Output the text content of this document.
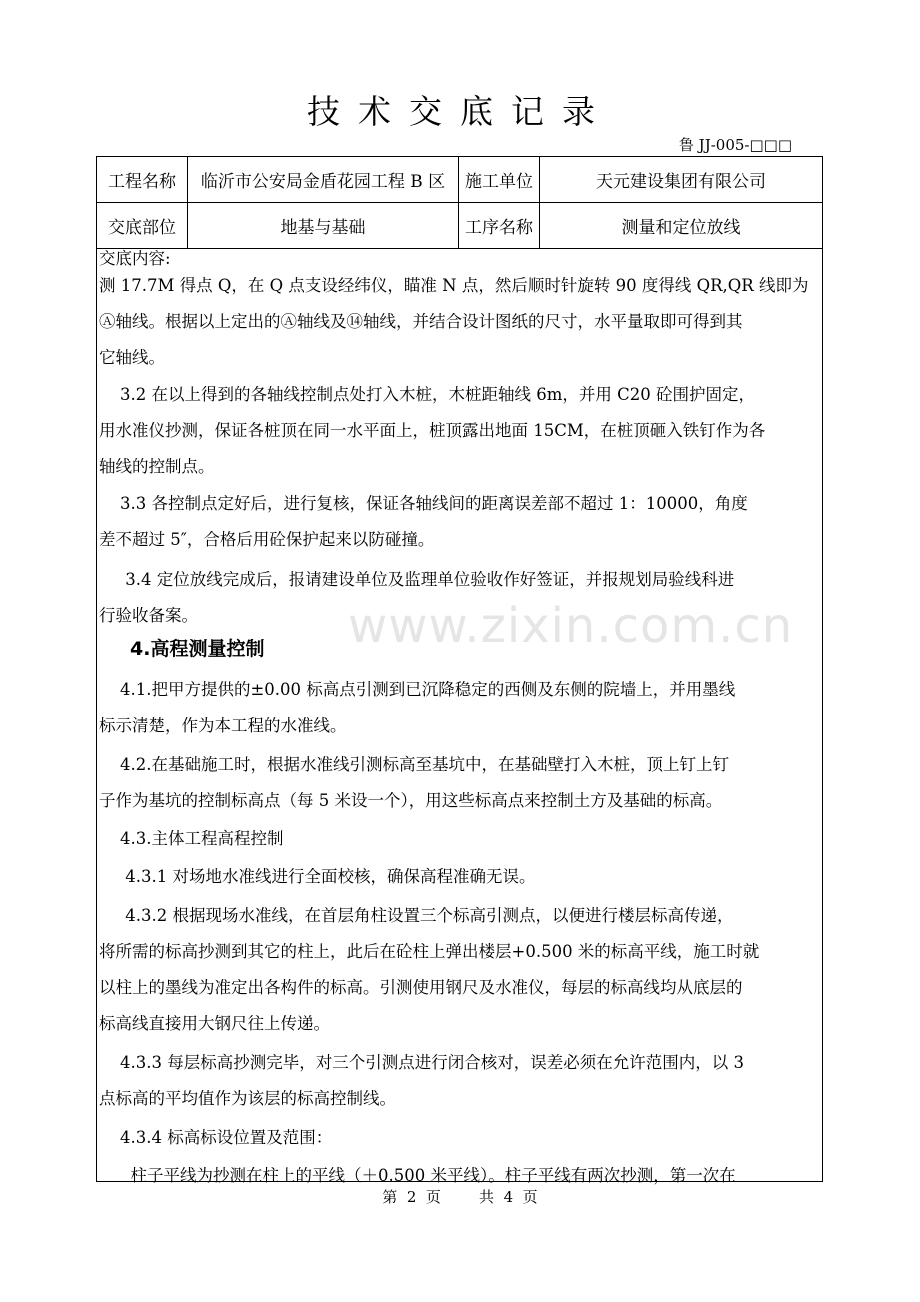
技术交底记录
鲁 JJ-005-□□□
工程名称	临沂市公安局金盾花园工程 B 区	施工单位	天元建设集团有限公司
交底部位	地基与基础	工序名称	测量和定位放线
交底内容:
测 17.7M 得点 Q，在 Q 点支设经纬仪，瞄准 N 点，然后顺时针旋转 90 度得线 QR,QR 线即为
Ⓐ轴线。根据以上定出的Ⓐ轴线及⑭轴线，并结合设计图纸的尺寸，水平量取即可得到其
它轴线。
3.2 在以上得到的各轴线控制点处打入木桩，木桩距轴线 6m，并用 C20 砼围护固定，
用水准仪抄测，保证各桩顶在同一水平面上，桩顶露出地面 15CM，在桩顶砸入铁钉作为各
轴线的控制点。
3.3 各控制点定好后，进行复核，保证各轴线间的距离误差部不超过 1：10000，角度
差不超过 5″，合格后用砼保护起来以防碰撞。
3.4 定位放线完成后，报请建设单位及监理单位验收作好签证，并报规划局验线科进
行验收备案。
4.高程测量控制
4.1.把甲方提供的±0.00 标高点引测到已沉降稳定的西侧及东侧的院墙上，并用墨线
标示清楚，作为本工程的水准线。
4.2.在基础施工时，根据水准线引测标高至基坑中，在基础壁打入木桩，顶上钉上钉
子作为基坑的控制标高点（每 5 米设一个），用这些标高点来控制土方及基础的标高。
4.3.主体工程高程控制
4.3.1 对场地水准线进行全面校核，确保高程准确无误。
4.3.2 根据现场水准线，在首层角柱设置三个标高引测点，以便进行楼层标高传递，
将所需的标高抄测到其它的柱上，此后在砼柱上弹出楼层+0.500 米的标高平线，施工时就
以柱上的墨线为准定出各构件的标高。引测使用钢尺及水准仪，每层的标高线均从底层的
标高线直接用大钢尺往上传递。
4.3.3 每层标高抄测完毕，对三个引测点进行闭合核对，误差必须在允许范围内，以 3
点标高的平均值作为该层的标高控制线。
4.3.4 标高标设位置及范围：
柱子平线为抄测在柱上的平线（＋0.500 米平线）。柱子平线有两次抄测，第一次在
www.zixin.com.cn
第  2  页        共  4  页
